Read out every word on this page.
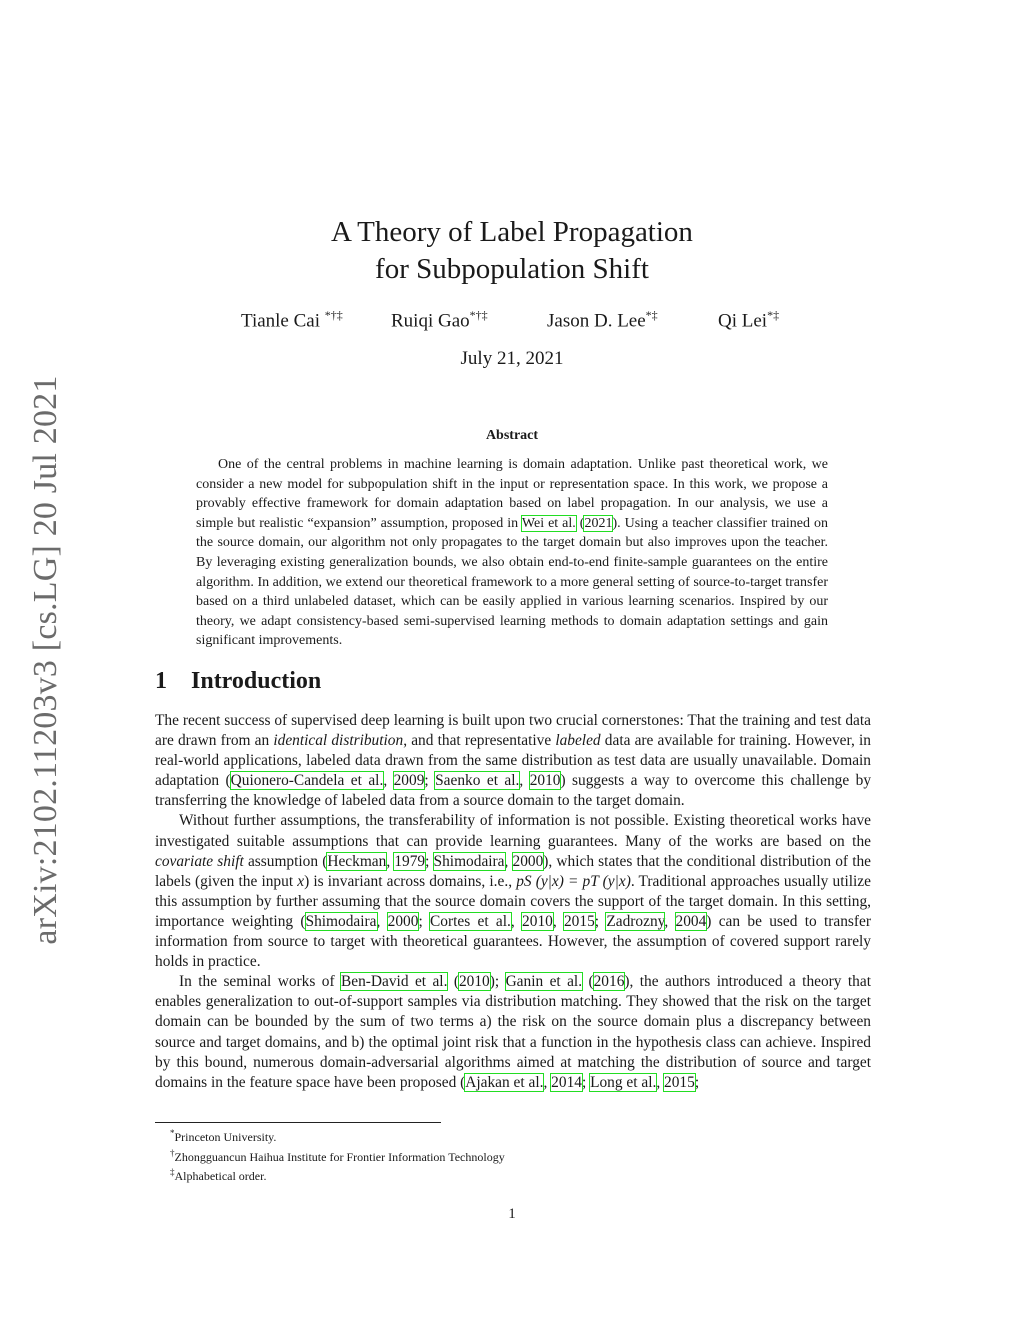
arXiv:2102.11203v3 [cs.LG] 20 Jul 2021
A Theory of Label Propagation
for Subpopulation Shift
Tianle Cai *†‡	Ruiqi Gao*†‡	Jason D. Lee*‡	Qi Lei*‡
July 21, 2021
Abstract

One of the central problems in machine learning is domain adaptation. Unlike past theoretical work, we consider a new model for subpopulation shift in the input or representation space. In this work, we propose a provably effective framework for domain adaptation based on label propagation. In our analysis, we use a simple but realistic “expansion” assumption, proposed in Wei et al. (2021). Using a teacher classifier trained on the source domain, our algorithm not only propagates to the target domain but also improves upon the teacher. By leveraging existing generalization bounds, we also obtain end-to-end finite-sample guarantees on the entire algorithm. In addition, we extend our theoretical framework to a more general setting of source-to-target transfer based on a third unlabeled dataset, which can be easily applied in various learning scenarios. Inspired by our theory, we adapt consistency-based semi-supervised learning methods to domain adaptation settings and gain significant improvements.

1 Introduction

The recent success of supervised deep learning is built upon two crucial cornerstones: That the training and test data are drawn from an identical distribution, and that representative labeled data are available for training. However, in real-world applications, labeled data drawn from the same distribution as test data are usually unavailable. Domain adaptation (Quionero-Candela et al., 2009; Saenko et al., 2010) suggests a way to overcome this challenge by transferring the knowledge of labeled data from a source domain to the target domain.

Without further assumptions, the transferability of information is not possible. Existing theoretical works have investigated suitable assumptions that can provide learning guarantees. Many of the works are based on the covariate shift assumption (Heckman, 1979; Shimodaira, 2000), which states that the conditional distribution of the labels (given the input x) is invariant across domains, i.e., pS (y|x) = pT (y|x). Traditional approaches usually utilize this assumption by further assuming that the source domain covers the support of the target domain. In this setting, importance weighting (Shimodaira, 2000; Cortes et al., 2010, 2015; Zadrozny, 2004) can be used to transfer information from source to target with theoretical guarantees. However, the assumption of covered support rarely holds in practice.

In the seminal works of Ben-David et al. (2010); Ganin et al. (2016), the authors introduced a theory that enables generalization to out-of-support samples via distribution matching. They showed that the risk on the target domain can be bounded by the sum of two terms a) the risk on the source domain plus a discrepancy between source and target domains, and b) the optimal joint risk that a function in the hypothesis class can achieve. Inspired by this bound, numerous domain-adversarial algorithms aimed at matching the distribution of source and target domains in the feature space have been proposed (Ajakan et al., 2014; Long et al., 2015;

*Princeton University.
†Zhongguancun Haihua Institute for Frontier Information Technology
‡Alphabetical order.
1
